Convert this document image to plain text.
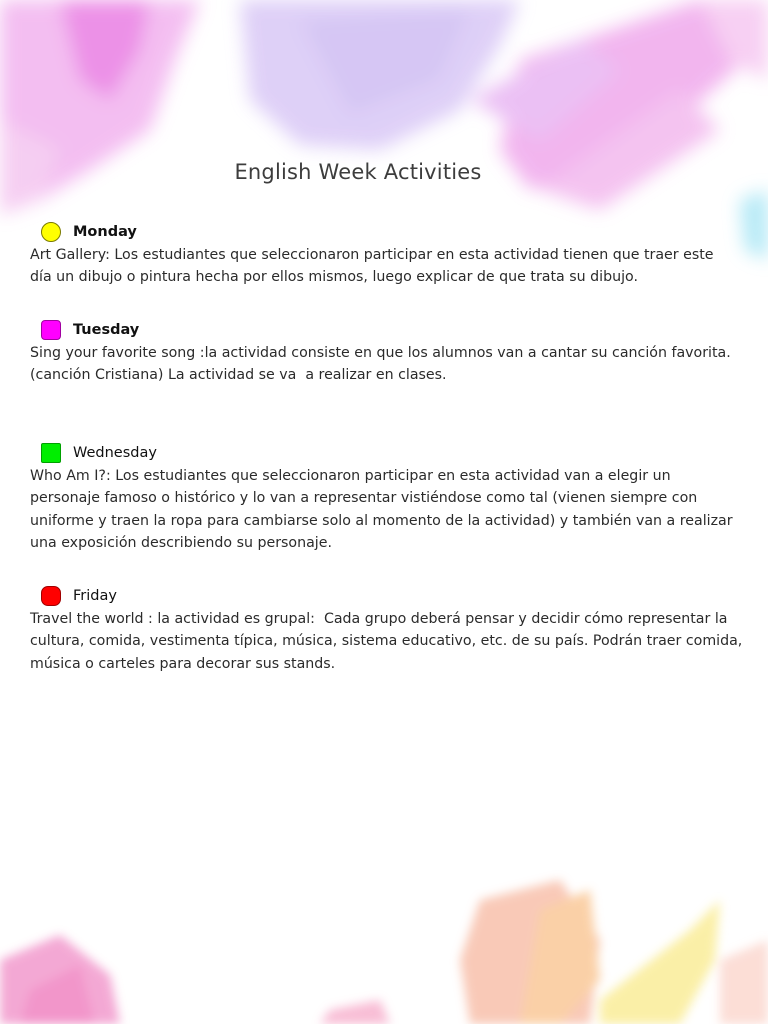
English Week Activities
Monday

Art Gallery: Los estudiantes que seleccionaron participar en esta actividad tienen que traer este
día un dibujo o pintura hecha por ellos mismos, luego explicar de que trata su dibujo.

Tuesday

Sing your favorite song :la actividad consiste en que los alumnos van a cantar su canción favorita.
(canción Cristiana) La actividad se va  a realizar en clases.

Wednesday

Who Am I?: Los estudiantes que seleccionaron participar en esta actividad van a elegir un
personaje famoso o histórico y lo van a representar vistiéndose como tal (vienen siempre con
uniforme y traen la ropa para cambiarse solo al momento de la actividad) y también van a realizar
una exposición describiendo su personaje.

Friday

Travel the world : la actividad es grupal:  Cada grupo deberá pensar y decidir cómo representar la
cultura, comida, vestimenta típica, música, sistema educativo, etc. de su país. Podrán traer comida,
música o carteles para decorar sus stands.
